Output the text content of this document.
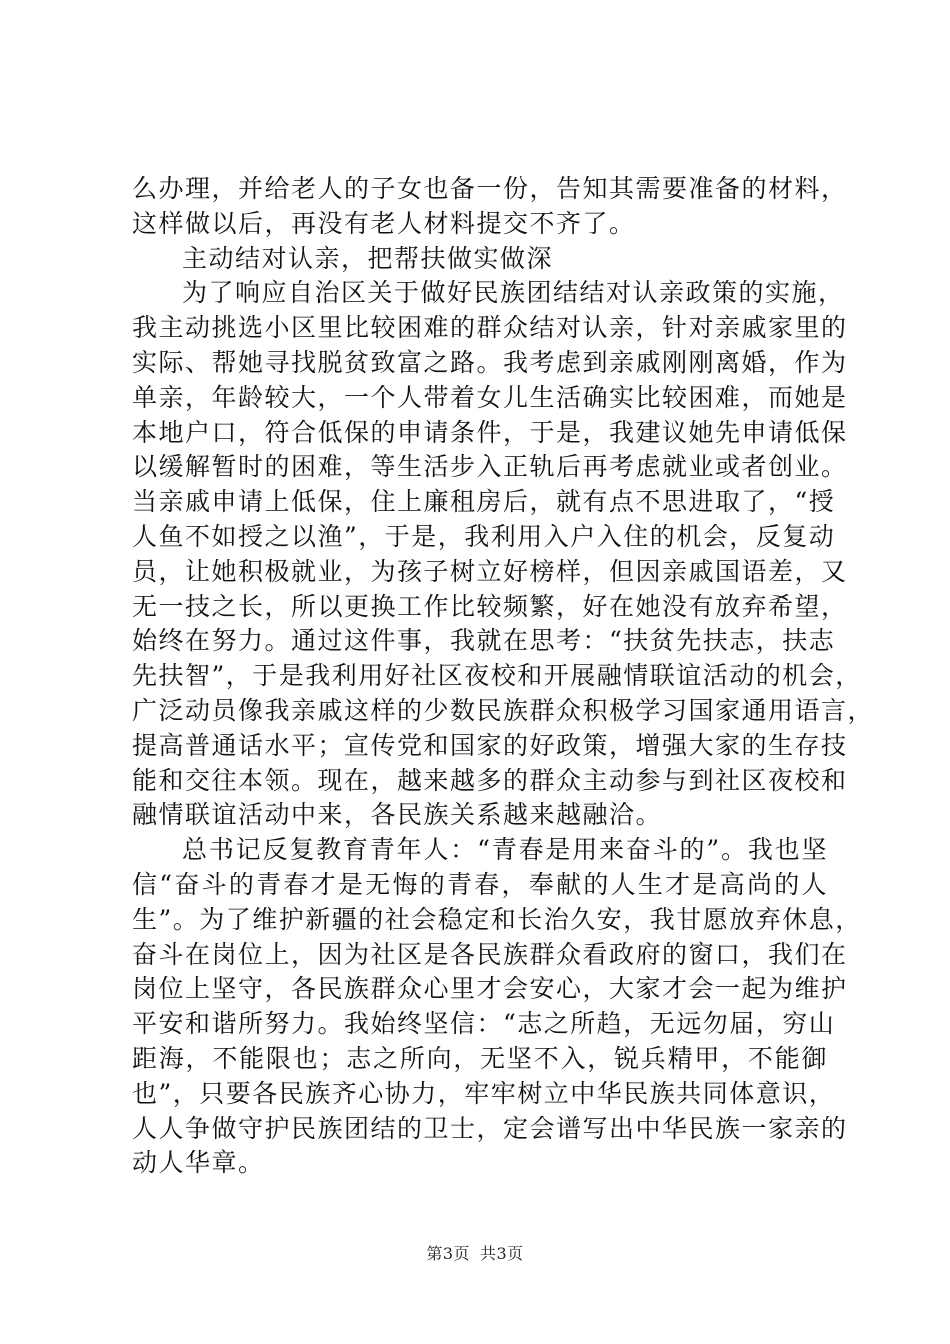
么办理，并给老人的子女也备一份，告知其需要准备的材料，
这样做以后，再没有老人材料提交不齐了。
主动结对认亲，把帮扶做实做深
为了响应自治区关于做好民族团结结对认亲政策的实施，
我主动挑选小区里比较困难的群众结对认亲，针对亲戚家里的
实际、帮她寻找脱贫致富之路。我考虑到亲戚刚刚离婚，作为
单亲，年龄较大，一个人带着女儿生活确实比较困难，而她是
本地户口，符合低保的申请条件，于是，我建议她先申请低保
以缓解暂时的困难，等生活步入正轨后再考虑就业或者创业。
当亲戚申请上低保，住上廉租房后，就有点不思进取了，“授
人鱼不如授之以渔”，于是，我利用入户入住的机会，反复动
员，让她积极就业，为孩子树立好榜样，但因亲戚国语差，又
无一技之长，所以更换工作比较频繁，好在她没有放弃希望，
始终在努力。通过这件事，我就在思考：“扶贫先扶志，扶志
先扶智”，于是我利用好社区夜校和开展融情联谊活动的机会，
广泛动员像我亲戚这样的少数民族群众积极学习国家通用语言，
提高普通话水平；宣传党和国家的好政策，增强大家的生存技
能和交往本领。现在，越来越多的群众主动参与到社区夜校和
融情联谊活动中来，各民族关系越来越融洽。
总书记反复教育青年人：“青春是用来奋斗的”。我也坚
信“奋斗的青春才是无悔的青春，奉献的人生才是高尚的人
生”。为了维护新疆的社会稳定和长治久安，我甘愿放弃休息，
奋斗在岗位上，因为社区是各民族群众看政府的窗口，我们在
岗位上坚守，各民族群众心里才会安心，大家才会一起为维护
平安和谐所努力。我始终坚信：“志之所趋，无远勿届，穷山
距海，不能限也；志之所向，无坚不入，锐兵精甲，不能御
也”，只要各民族齐心协力，牢牢树立中华民族共同体意识，
人人争做守护民族团结的卫士，定会谱写出中华民族一家亲的
动人华章。
第3页 共3页
